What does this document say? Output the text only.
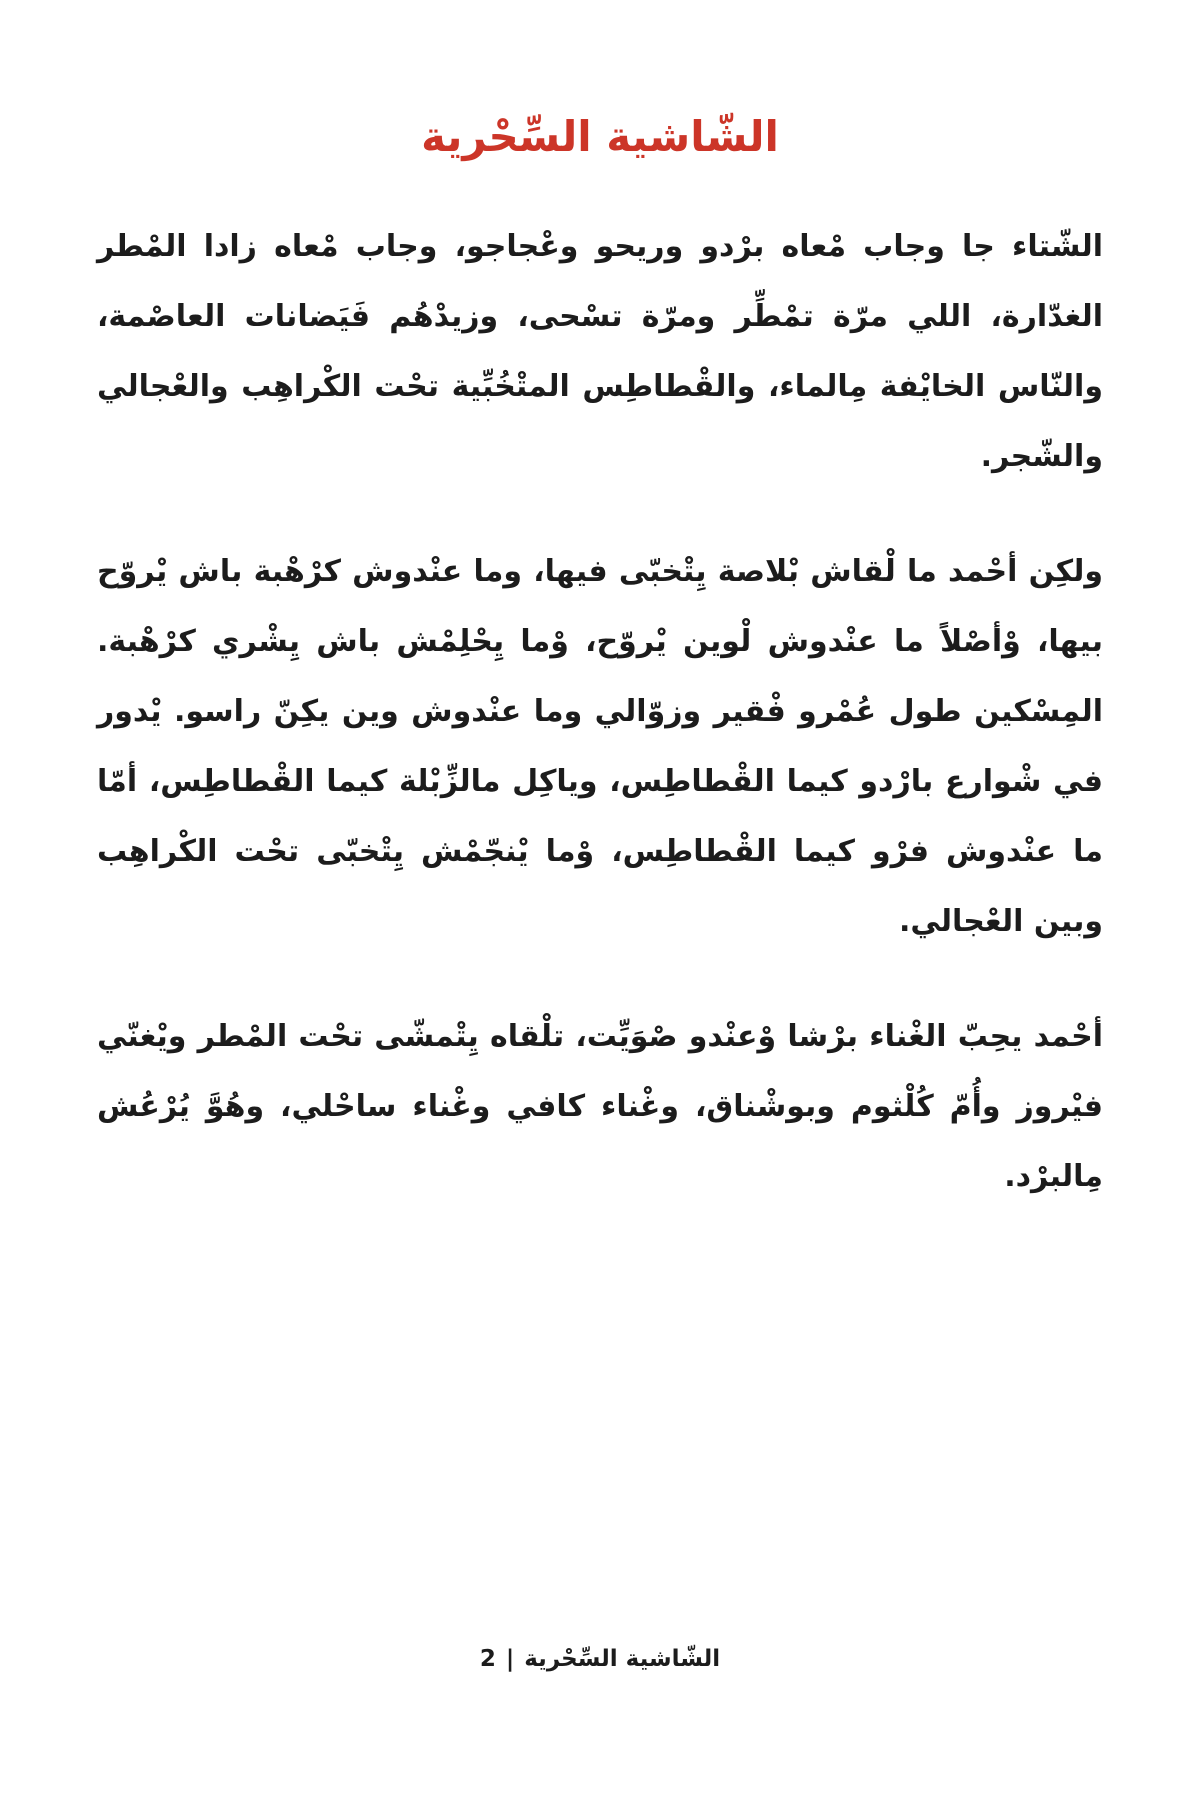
الشّاشية السِّحْرية

الشتاء جا وجاب معاه بردو وريحو وعجاجو، وجاب معاه زادا المطر الغدارة، اللي مرة تمطر ومرة تسحى، وزيدهم فيضانات العاصمة، والناس الخايفة مالماء، والقطاطس المتخبية تحت الكراهب والعجالي والشجر.

ولكن أحمد ما لقاش بلاصة يتخبى فيها، وما عندوش كرهبة باش يروح بيها، وأصلا ما عندوش لوين يروح، وما يحلمش باش يشري كرهبة. المسكين طول عمرو فقير وزوالي وما عندوش وين يكن راسو. يدور في شوارع باردو كيما القطاطس، وياكل مالزبلة كيما القطاطس، أما ما عندوش فرو كيما القطاطس، وما ينجمش يتخبى تحت الكراهب وبين العجالي.

أحمد يحب الغناء برشا وعندو صويت، تلقاه يتمشى تحت المطر ويغني فيروز وأم كلثوم وبوشناق، وغناء كافي وغناء ساحلي، وهو يرعش مالبرد.

الشاشية السحرية|2
